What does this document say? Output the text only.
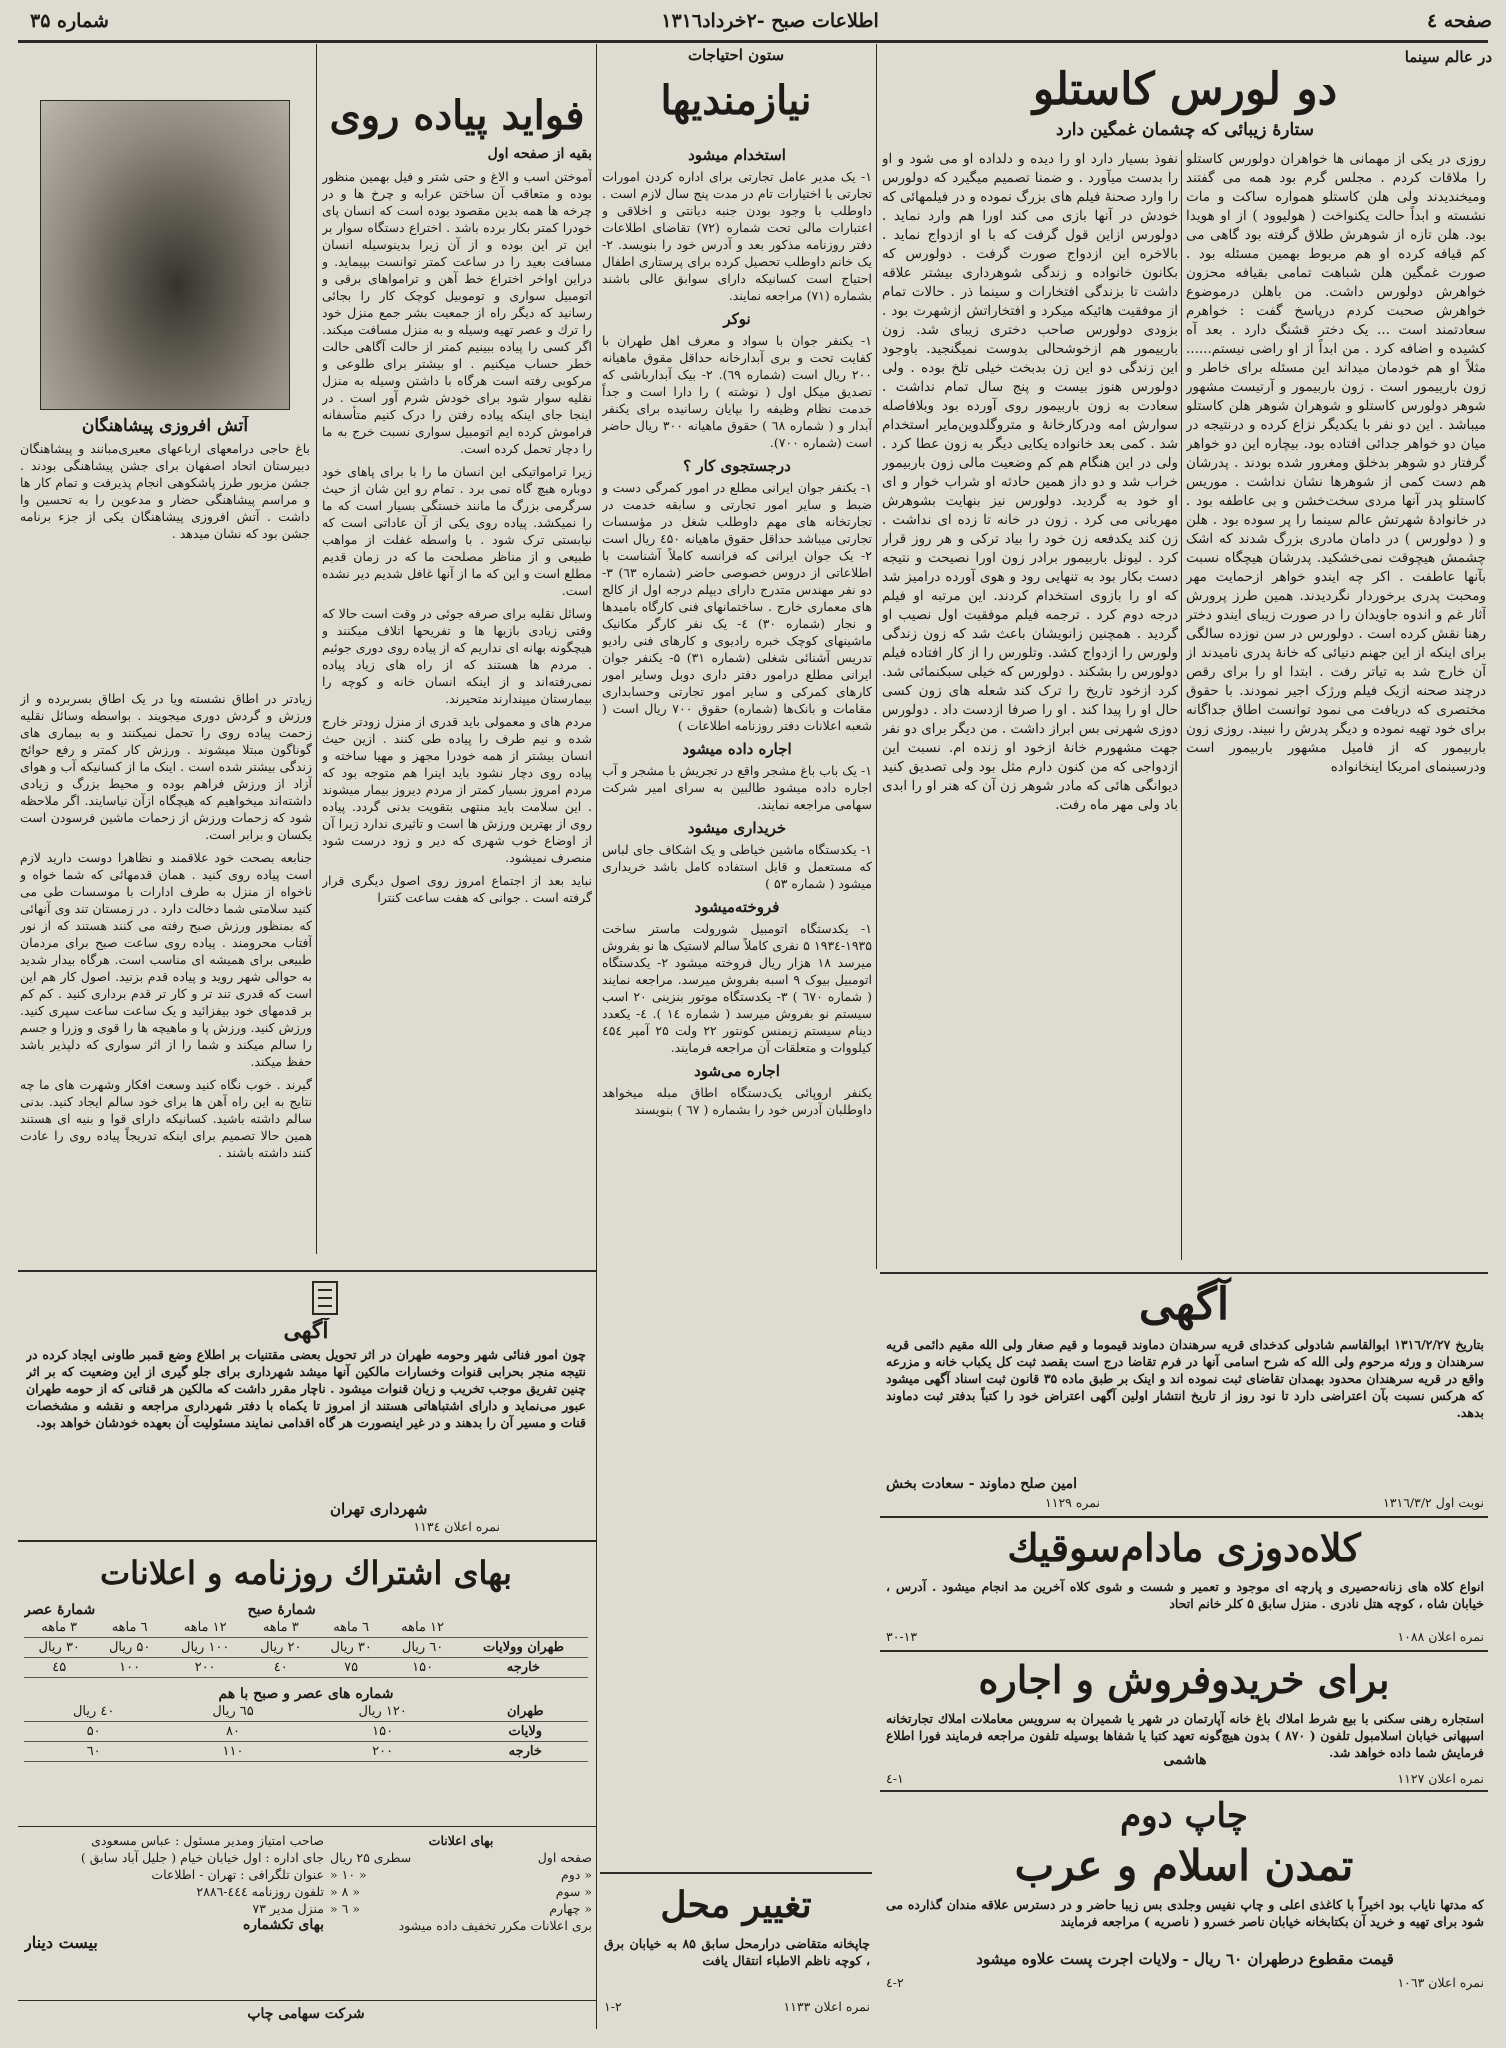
صفحه ٤
اطلاعات صبح -۲خرداد۱۳۱٦
شماره ۳۵
در عالم سینما
دو لورس کاستلو
ستارهٔ زیبائی که چشمان غمگین دارد
روزی در یکی از مهمانی ها خواهران دولورس کاستلو را ملاقات کردم . مجلس گرم بود همه می گفتند ومیخندیدند ولی هلن کاستلو همواره ساکت و مات نشسته و ابداً حالت یکنواخت ( هولیوود ) از او هویدا بود. هلن تازه از شوهرش طلاق گرفته بود گاهی می کم قیافه کرده او هم مربوط بهمین مسئله بود . صورت غمگین هلن شباهت تمامی بقیافه محزون خواهرش دولورس داشت. من باهلن درموضوع خواهرش صحبت کردم درپاسخ گفت : خواهرم سعادتمند است ... یک دختر قشنگ دارد . بعد آه کشیده و اضافه کرد . من ابداً از او راضی نیستم...... مثلاً او هم خودمان میداند این مسئله برای خاطر و زون بارییمور است . زون باربیمور و آرتیست مشهور شوهر دولورس کاستلو و شوهران شوهر هلن کاستلو میباشد . این دو نفر با یکدیگر نزاع کرده و درنتیجه در میان دو خواهر جدائی افتاده بود. بیچاره این دو خواهر گرفتار دو شوهر بدخلق ومغرور شده بودند . پدرشان هم دست کمی از شوهرها نشان نداشت . موریس کاستلو پدر آنها مردی سخت‌خشن و بی عاطفه بود . در خانوادهٔ شهرتش عالم سینما را پر سوده بود . هلن و ( دولورس ) در دامان مادری بزرگ شدند که اشک چشمش هیچوقت نمی‌خشکید. پدرشان هیچگاه نسبت بآنها عاطفت . اکر چه ایندو خواهر ازحمایت مهر ومحبت پدری برخوردار نگردیدند. همین طرز پرورش آثار غم و اندوه جاویدان را در صورت زیبای ایندو دختر رهنا نقش کرده است . دولورس در سن نوزده سالگی برای اینکه از این جهنم دنیائی که خانهٔ پدری نامیدند از آن خارج شد به تیاتر رفت . ابتدا او را برای رقص درچند صحنه ازیک فیلم ورژک اجیر نمودند. با حقوق مختصری که دریافت می نمود توانست اطاق جداگانه برای خود تهیه نموده و دیگر پدرش را نبیند. روزی زون باربیمور که از فامیل مشهور باربیمور است ودرسینمای امریکا اینخانواده
نفوذ بسیار دارد او را دیده و دلداده او می شود و او را بدست میآورد . و ضمنا تصمیم میگیرد که دولورس را وارد صحنهٔ فیلم های بزرگ نموده و در فیلمهائی که خودش در آنها بازی می کند اورا هم وارد نماید . دولورس ازاین قول گرفت که با او ازدواج نماید . بالاخره این ازدواج صورت گرفت . دولورس که بکانون خانواده و زندگی شوهرداری بیشتر علاقه داشت تا بزندگی افتخارات و سینما ذر . حالات تمام از موفقیت هائیکه میکرد و افتخاراتش ازشهرت بود . بزودی دولورس صاحب دختری زیبای شد. زون بارییمور هم ازخوشحالی بدوست نمیگنجید. باوجود این زندگی دو این زن بدبخت خیلی تلخ بوده . ولی دولورس هنوز بیست و پنج سال تمام نداشت . سعادت به زون باربیمور روی آورده بود وبلافاصله سوارش امه ودرکارخانهٔ و متروگلدوین‌مایر استخدام شد . کمی بعد خانواده یکایی دیگر به زون عطا کرد . ولی در این هنگام هم کم وضعیت مالی زون باربیمور خراب شد و دو داز همین حادثه او شراب خوار و ای او خود به گردید. دولورس نیز بنهایت بشوهرش مهربانی می کرد . زون در خانه تا زده ای نداشت . زن کند یکدفعه زن خود را بیاد ترکی و هر روز قرار کرد . لیونل باربیمور برادر زون اورا نصیحت و نتیجه دست بکار بود به تنهایی رود و هوی آورده درامیز شد که او را بازوی استخدام کردند. این مرتبه او فیلم درجه دوم کرد . ترجمه فیلم موفقیت اول نصیب او گردید . همچنین زانویشان باعث شد که زون زندگی ولورس را ازدواج کشد. وتلورس را از کار افتاده فیلم دولورس را بشکند . دولورس که خیلی سبکنمائی شد. کرد ازخود تاریخ را ترک کند شعله های زون کسی حال او را پیدا کند . او را صرفا ازدست داد . دولورس دوزی شهرنی بس ابراز داشت . من دیگر برای دو نفر جهت مشهورم خانهٔ ازخود او زنده ام. نسبت این ازدواجی که من کنون دارم مثل بود ولی تصدیق کنید دیوانگی هائی که مادر شوهر زن آن که هنر او را ابدی باد ولی مهر ماه رفت.
ستون احتیاجات
نیازمندیها
استخدام میشود
۱- یک مدیر عامل تجارتی برای اداره کردن امورات تجارتی با اختیارات تام در مدت پنج سال لازم است . داوطلب با وجود بودن جنبه دیانتی و اخلاقی و اعتبارات مالی تحت شماره (۷۲) تقاضای اطلاعات دفتر روزنامه مذکور بعد و آدرس خود را بنویسد. ۲- یک خانم داوطلب تحصیل کرده برای پرستاری اطفال احتیاج است کسانیکه دارای سوابق عالی باشند بشماره (۷۱) مراجعه نمایند.
نوکر
۱- یکنفر جوان با سواد و معرف اهل طهران با کفایت تحت و بری آبدارخانه حداقل مقوق ماهیانه ۲۰۰ ریال است (شماره ٦۹). ۲- بیک آبدارباشی که تصدیق میکل اول ( نوشته ) را دارا است و جداً خدمت نظام وظیفه را بپایان رسانیده برای یکنفر آبدار و ( شماره ٦۸ ) حقوق ماهیانه ۳۰۰ ریال حاضر است (شماره ۷۰۰).
درجستجوی کار ؟
۱- یکنفر جوان ایرانی مطلع در امور کمرگی دست و ضبط و سایر امور تجارتی و سابقه خدمت در تجارتخانه های مهم داوطلب شغل در مؤسسات تجارتی میباشد حداقل حقوق ماهیانه ٤۵۰ ریال است ۲- یک جوان ایرانی که فرانسه کاملاً آشناست با اطلاعاتی از دروس خصوصی حاضر (شماره ٦۳) ۳- دو نفر مهندس متدرج دارای دیپلم درجه اول از کالج های معماری خارج . ساختمانهای فنی کارگاه بامیدها و نجار (شماره ۳۰) ٤- یک نفر کارگر مکانیک ماشینهای کوچک خبره رادیوی و کارهای فنی رادیو تدریس آشنائی شغلی (شماره ۳۱) ۵- یکنفر جوان ایرانی مطلع درامور دفتر داری دوبل وسایر امور کارهای کمرکی و سایر امور تجارتی وحسابداری مقامات و بانک‌ها (شماره) حقوق ۷۰۰ ریال است ( شعبه اعلانات دفتر روزنامه اطلاعات )
اجاره داده میشود
۱- یک باب باغ مشجر واقع در تجریش با مشجر و آب اجاره داده میشود طالبین به سرای امیر شرکت سهامی مراجعه نمایند.
خریداری میشود
۱- یکدستگاه ماشین خیاطی و یک اشکاف جای لباس که مستعمل و قابل استفاده کامل باشد خریداری میشود ( شماره ۵۳ )
فروخته‌میشود
۱- یکدستگاه اتومبیل شورولت ماستر ساخت ۱۹۳۵-۱۹۳٤ ۵ نفری کاملاً سالم لاستیک ها نو بفروش میرسد ۱۸ هزار ریال فروخته میشود ۲- یکدستگاه اتومبیل بیوک ۹ اسبه بفروش میرسد. مراجعه نمایند ( شماره ٦۷۰ ) ۳- یکدستگاه موتور بنزینی ۲۰ اسب سیستم نو بفروش میرسد ( شماره ۱٤ ). ٤- یکعدد دینام سیستم زیمنس کونتور ۲۲ ولت ۲۵ آمپر ٤۵٤ کیلووات و متعلقات آن مراجعه فرمایند.
اجاره می‌شود
یکنفر اروپائی یک‌دستگاه اطاق مبله میخواهد داوطلبان آدرس خود را بشماره ( ٦۷ ) بنویسند
تغییر محل
چاپخانه متقاضی درارمحل سابق ۸۵ به خیابان برق ، کوچه ناظم الاطباء انتقال یافت
۱-۲	نمره اعلان ۱۱۳۳
فواید پیاده روی
بقیه از صفحه اول

آموختن اسب و الاغ و حتی شتر و فیل بهمین منظور بوده و متعاقب آن ساختن عرابه و چرخ ها و در چرخه ها همه بدین مقصود بوده است که انسان پای خودرا کمتر بکار برده باشد . اختراع دستگاه سوار بر این تر این بوده و از آن زیرا بدینوسیله انسان مسافت بعید را در ساعت کمتر توانست بپیماید. و دراین اواخر اختراع خط آهن و ترامواهای برقی و اتومبیل سواری و توموبیل کوچک کار را بجائی رسانید که دیگر راه از جمعیت بشر جمع منزل خود را ترك و عصر تهیه وسیله و به منزل مسافت میکند. اگر کسی را پیاده ببینیم کمتر از حالت آگاهی حالت خطر حساب میکنیم . او بیشتر برای طلوعی و مرکوبی رفته است هرگاه با داشتن وسیله به منزل نقلیه سوار شود برای خودش شرم آور است . در اینجا جای اینکه پیاده رفتن را درک کنیم متأسفانه فراموش کرده ایم اتومبیل سواری نسبت خرج به ما را دچار تحمل کرده است.

زیرا ترامواتیکی این انسان ما را با برای پاهای خود دوباره هیچ گاه نمی برد . تمام رو این شان از حیث سرگرمی بزرگ ما مانند خستگی بسیار است که ما را نمیکشد. پیاده روی یکی از آن عاداتی است که نیابستی ترک شود . با واسطه غفلت از مواهب طبیعی و از مناظر مصلحت ما که در زمان قدیم مطلع است و این که ما از آنها غافل شدیم دیر نشده است.

وسائل نقلیه برای صرفه جوئی در وقت است حالا که وقتی زیادی بازیها ها و تفریحها اتلاف میکنند و هیچگونه بهانه ای نداریم که از پیاده روی دوری جوئیم . مردم ها هستند که از راه های زیاد پیاده نمی‌رفته‌اند و از اینکه انسان خانه و کوچه را بیمارستان میپندارند متحیرند.

مردم های و معمولی باید قدری از منزل زودتر خارج شده و نیم طرف را پیاده طی کنند . ازین حیث انسان بیشتر از همه خودرا مجهز و مهیا ساخته و پیاده روی دچار نشود باید اینرا هم متوجه بود که مردم امروز بسیار کمتر از مردم دیروز بیمار میشوند . این سلامت باید منتهی بتقویت بدنی گردد. پیاده روی از بهترین ورزش ها است و تاثیری ندارد زیرا آن از اوضاع خوب شهری که دیر و زود درست شود منصرف نمیشود.

نباید بعد از اجتماع امروز روی اصول دیگری قرار گرفته است . جوانی که هفت ساعت کنترا

آتش افروزی پیشاهنگان
باغ حاجی درامعهای ارباعهای معیری‌مبانند و پیشاهنگان دبیرستان اتحاد اصفهان برای جشن پیشاهنگی بودند . جشن مزبور طرز پاشکوهی انجام پذیرفت و تمام کار ها و مراسم پیشاهنگی حضار و مدعوین را به تحسین وا داشت . آتش افروزی پیشاهنگان یکی از جزء برنامه جشن بود که نشان میدهد .

زیادتر در اطاق نشسته ویا در یک اطاق بسربرده و از ورزش و گردش دوری میجویند . بواسطه وسائل نقلیه زحمت پیاده روی را تحمل نمیکنند و به بیماری های گوناگون مبتلا میشوند . ورزش کار کمتر و رفع حوائج زندگی بیشتر شده است . اینک ما از کسانیکه آب و هوای آزاد از ورزش فراهم بوده و محیط بزرگ و زیادی داشته‌اند میخواهیم که هیچگاه ازآن نیاسایند. اگر ملاحظه شود که زحمات ورزش از زحمات ماشین فرسودن است یکسان و برابر است.

جنابعه بصحت خود علاقمند و نظاهرا دوست دارید لازم است پیاده روی کنید . همان قدمهائی که شما خواه و ناخواه از منزل به طرف ادارات با موسسات طی می کنید سلامتی شما دخالت دارد . در زمستان تند وی آنهائی که بمنظور ورزش صبح رفته می کنند هستند که از نور آفتاب محرومند . پیاده روی ساعت صبح برای مردمان طبیعی برای همیشه ای مناسب است. هرگاه بیدار شدید به حوالی شهر روید و پیاده قدم بزنید. اصول کار هم این است که قدری تند تر و کار تر قدم برداری کنید . کم کم بر قدمهای خود بیفزائید و یک ساعت ساعت سپری کنید. ورزش کنید. ورزش پا و ماهیچه ها را قوی و وزرا و جسم را سالم میکند و شما را از اثر سواری که دلپذیر باشد حفظ میکند.

گیرند . خوب نگاه کنید وسعت افکار وشهرت های ما چه نتایج به این راه آهن ها برای خود سالم ایجاد کنید. بدنی سالم داشته باشید. کسانیکه دارای قوا و بنیه ای هستند همین حالا تصمیم برای اینکه تدریجاً پیاده روی را عادت کنند داشته باشند .

آگهی
چون امور فنائی شهر وحومه طهران در اثر تحویل بعضی مقتنیات بر اطلاع وضع قمبر طاونی ایجاد کرده در نتیجه منجر بحرابی قنوات وخسارات مالکین آنها میشد شهرداری برای جلو گیری از این وضعیت که بر اثر چنین تفریق موجب تخریب و زیان قنوات میشود . ناچار مقرر داشت که مالکین هر قناتی که از حومه طهران عبور می‌نماید و دارای اشتباهاتی هستند از امروز تا یکماه با دفتر شهرداری مراجعه و نقشه و مشخصات قنات و مسیر آن را بدهند و در غیر اینصورت هر گاه اقدامی نمایند مسئولیت آن بعهده خودشان خواهد بود.
شهرداری تهران
نمره اعلان ۱۱۳٤
بهای اشتراك روزنامه و اعلانات
شمارهٔ صبح
شمارهٔ عصر
	۱۲ ماهه	٦ ماهه	۳ ماهه	۱۲ ماهه	٦ ماهه	۳ ماهه
طهران وولایات	٦۰ ریال	۳۰ ریال	۲۰ ریال	۱۰۰ ریال	۵۰ ریال	۳۰ ریال
خارجه	۱۵۰	۷۵	٤۰	۲۰۰	۱۰۰	٤۵
شماره های عصر و صبح با هم
طهران	۱۲۰ ریال	٦۵ ریال	٤۰ ریال
ولایات	۱۵۰	۸۰	۵۰
خارجه	۲۰۰	۱۱۰	٦۰
صاحب امتیاز ومدیر مسئول : عباس مسعودی
جای اداره : اول خیابان خیام ( جلیل آباد سابق )
عنوان تلگرافی : تهران - اطلاعات
تلفون روزنامه ٤٤٤-۲۸۸٦
منزل مدیر ۷۳
بهای تکشماره
بیست دینار
بهای اعلانات
صفحه اول
سطری ۲۵ ریال
« دوم
« ۱۰ «
« سوم
« ۸ «
« چهارم
« ٦ «
بری اعلانات مکرر تخفیف داده میشود
شرکت سهامی چاپ
آگهی
بتاریخ ۱۳۱٦/۲/۲۷ ابوالقاسم شادولی کدخدای قریه سرهندان دماوند قیموما و قیم صغار ولی الله مقیم دائمی قریه سرهندان و ورثه مرحوم ولی الله که شرح اسامی آنها در فرم تقاضا درج است بقصد ثبت کل یکباب خانه و مزرعه واقع در قریه سرهندان محدود بهمدان تقاضای ثبت نموده اند و اینک بر طبق ماده ۳۵ قانون ثبت اسناد آگهی میشود که هرکس نسبت بآن اعتراضی دارد تا نود روز از تاریخ انتشار اولین آگهی اعتراض خود را کتباً بدفتر ثبت دماوند بدهد.
امین صلح دماوند - سعادت بخش
نوبت اول ۱۳۱٦/۳/۲
نمره ۱۱۲۹
کلاه‌دوزی مادام‌سوقیك
انواع کلاه های زنانه‌حصیری و پارچه ای موجود و تعمیر و شست و شوی کلاه آخرین مد انجام میشود . آدرس ، خیابان شاه ، کوچه هتل نادری . منزل سابق ۵ کلر خانم اتحاد
نمره اعلان ۱۰۸۸
۳۰-۱۳
برای خریدوفروش و اجاره
استجاره رهنی سکنی با بیع شرط املاك باغ خانه آپارتمان در شهر یا شمیران به سرویس معاملات املاك تجارتخانه اسپهانی خیابان اسلامبول تلفون ( ۸۷۰ ) بدون هیچ‌گونه تعهد کتبا یا شفاها بوسیله تلفون مراجعه فرمایند فورا اطلاع فرمایش شما داده خواهد شد.
هاشمی
نمره اعلان ۱۱۲۷
۱-٤
چاپ دوم
تمدن اسلام و عرب
که مدتها نایاب بود اخیراً با کاغذی اعلی و چاپ نفیس وجلدی بس زیبا حاضر و در دسترس علاقه مندان گذارده می شود برای تهیه و خرید آن بکتابخانه خیابان ناصر خسرو ( ناصریه ) مراجعه فرمایند
قیمت مقطوع درطهران ٦۰ ریال - ولایات اجرت پست علاوه میشود
نمره اعلان ۱۰٦۳
۲-٤
